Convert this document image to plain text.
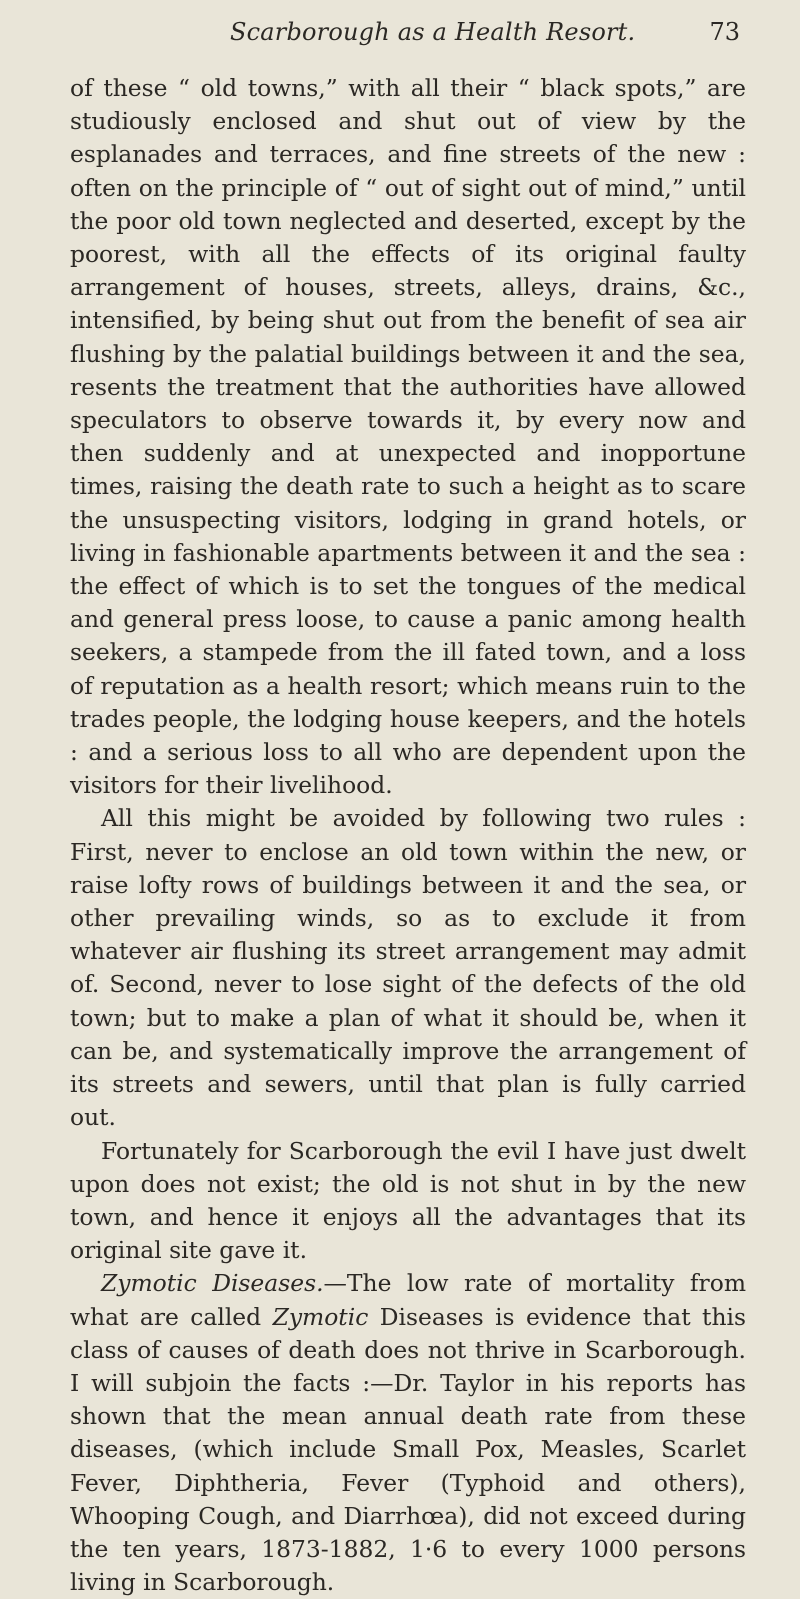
Scarborough as a Health Resort.	73

of these “ old towns,” with all their “ black spots,” are studiously enclosed and shut out of view by the esplanades and terraces, and fine streets of the new : often on the principle of “ out of sight out of mind,” until the poor old town neglected and deserted, except by the poorest, with all the effects of its original faulty arrangement of houses, streets, alleys, drains, &c., intensified, by being shut out from the benefit of sea air flushing by the palatial buildings between it and the sea, resents the treatment that the authorities have allowed speculators to observe towards it, by every now and then suddenly and at unexpected and inopportune times, raising the death rate to such a height as to scare the unsuspecting visitors, lodging in grand hotels, or living in fashionable apartments between it and the sea : the effect of which is to set the tongues of the medical and general press loose, to cause a panic among health seekers, a stampede from the ill fated town, and a loss of reputation as a health resort; which means ruin to the trades people, the lodging house keepers, and the hotels : and a serious loss to all who are dependent upon the visitors for their livelihood.

All this might be avoided by following two rules : First, never to enclose an old town within the new, or raise lofty rows of buildings between it and the sea, or other prevailing winds, so as to exclude it from whatever air flushing its street arrangement may admit of. Second, never to lose sight of the defects of the old town; but to make a plan of what it should be, when it can be, and systematically improve the arrangement of its streets and sewers, until that plan is fully carried out.

Fortunately for Scarborough the evil I have just dwelt upon does not exist; the old is not shut in by the new town, and hence it enjoys all the advantages that its original site gave it.

Zymotic Diseases.—The low rate of mortality from what are called Zymotic Diseases is evidence that this class of causes of death does not thrive in Scarborough. I will subjoin the facts :—Dr. Taylor in his reports has shown that the mean annual death rate from these diseases, (which include Small Pox, Measles, Scarlet Fever, Diphtheria, Fever (Typhoid and others), Whooping Cough, and Diarrhœa), did not exceed during the ten years, 1873-1882, 1·6 to every 1000 persons living in Scarborough.
